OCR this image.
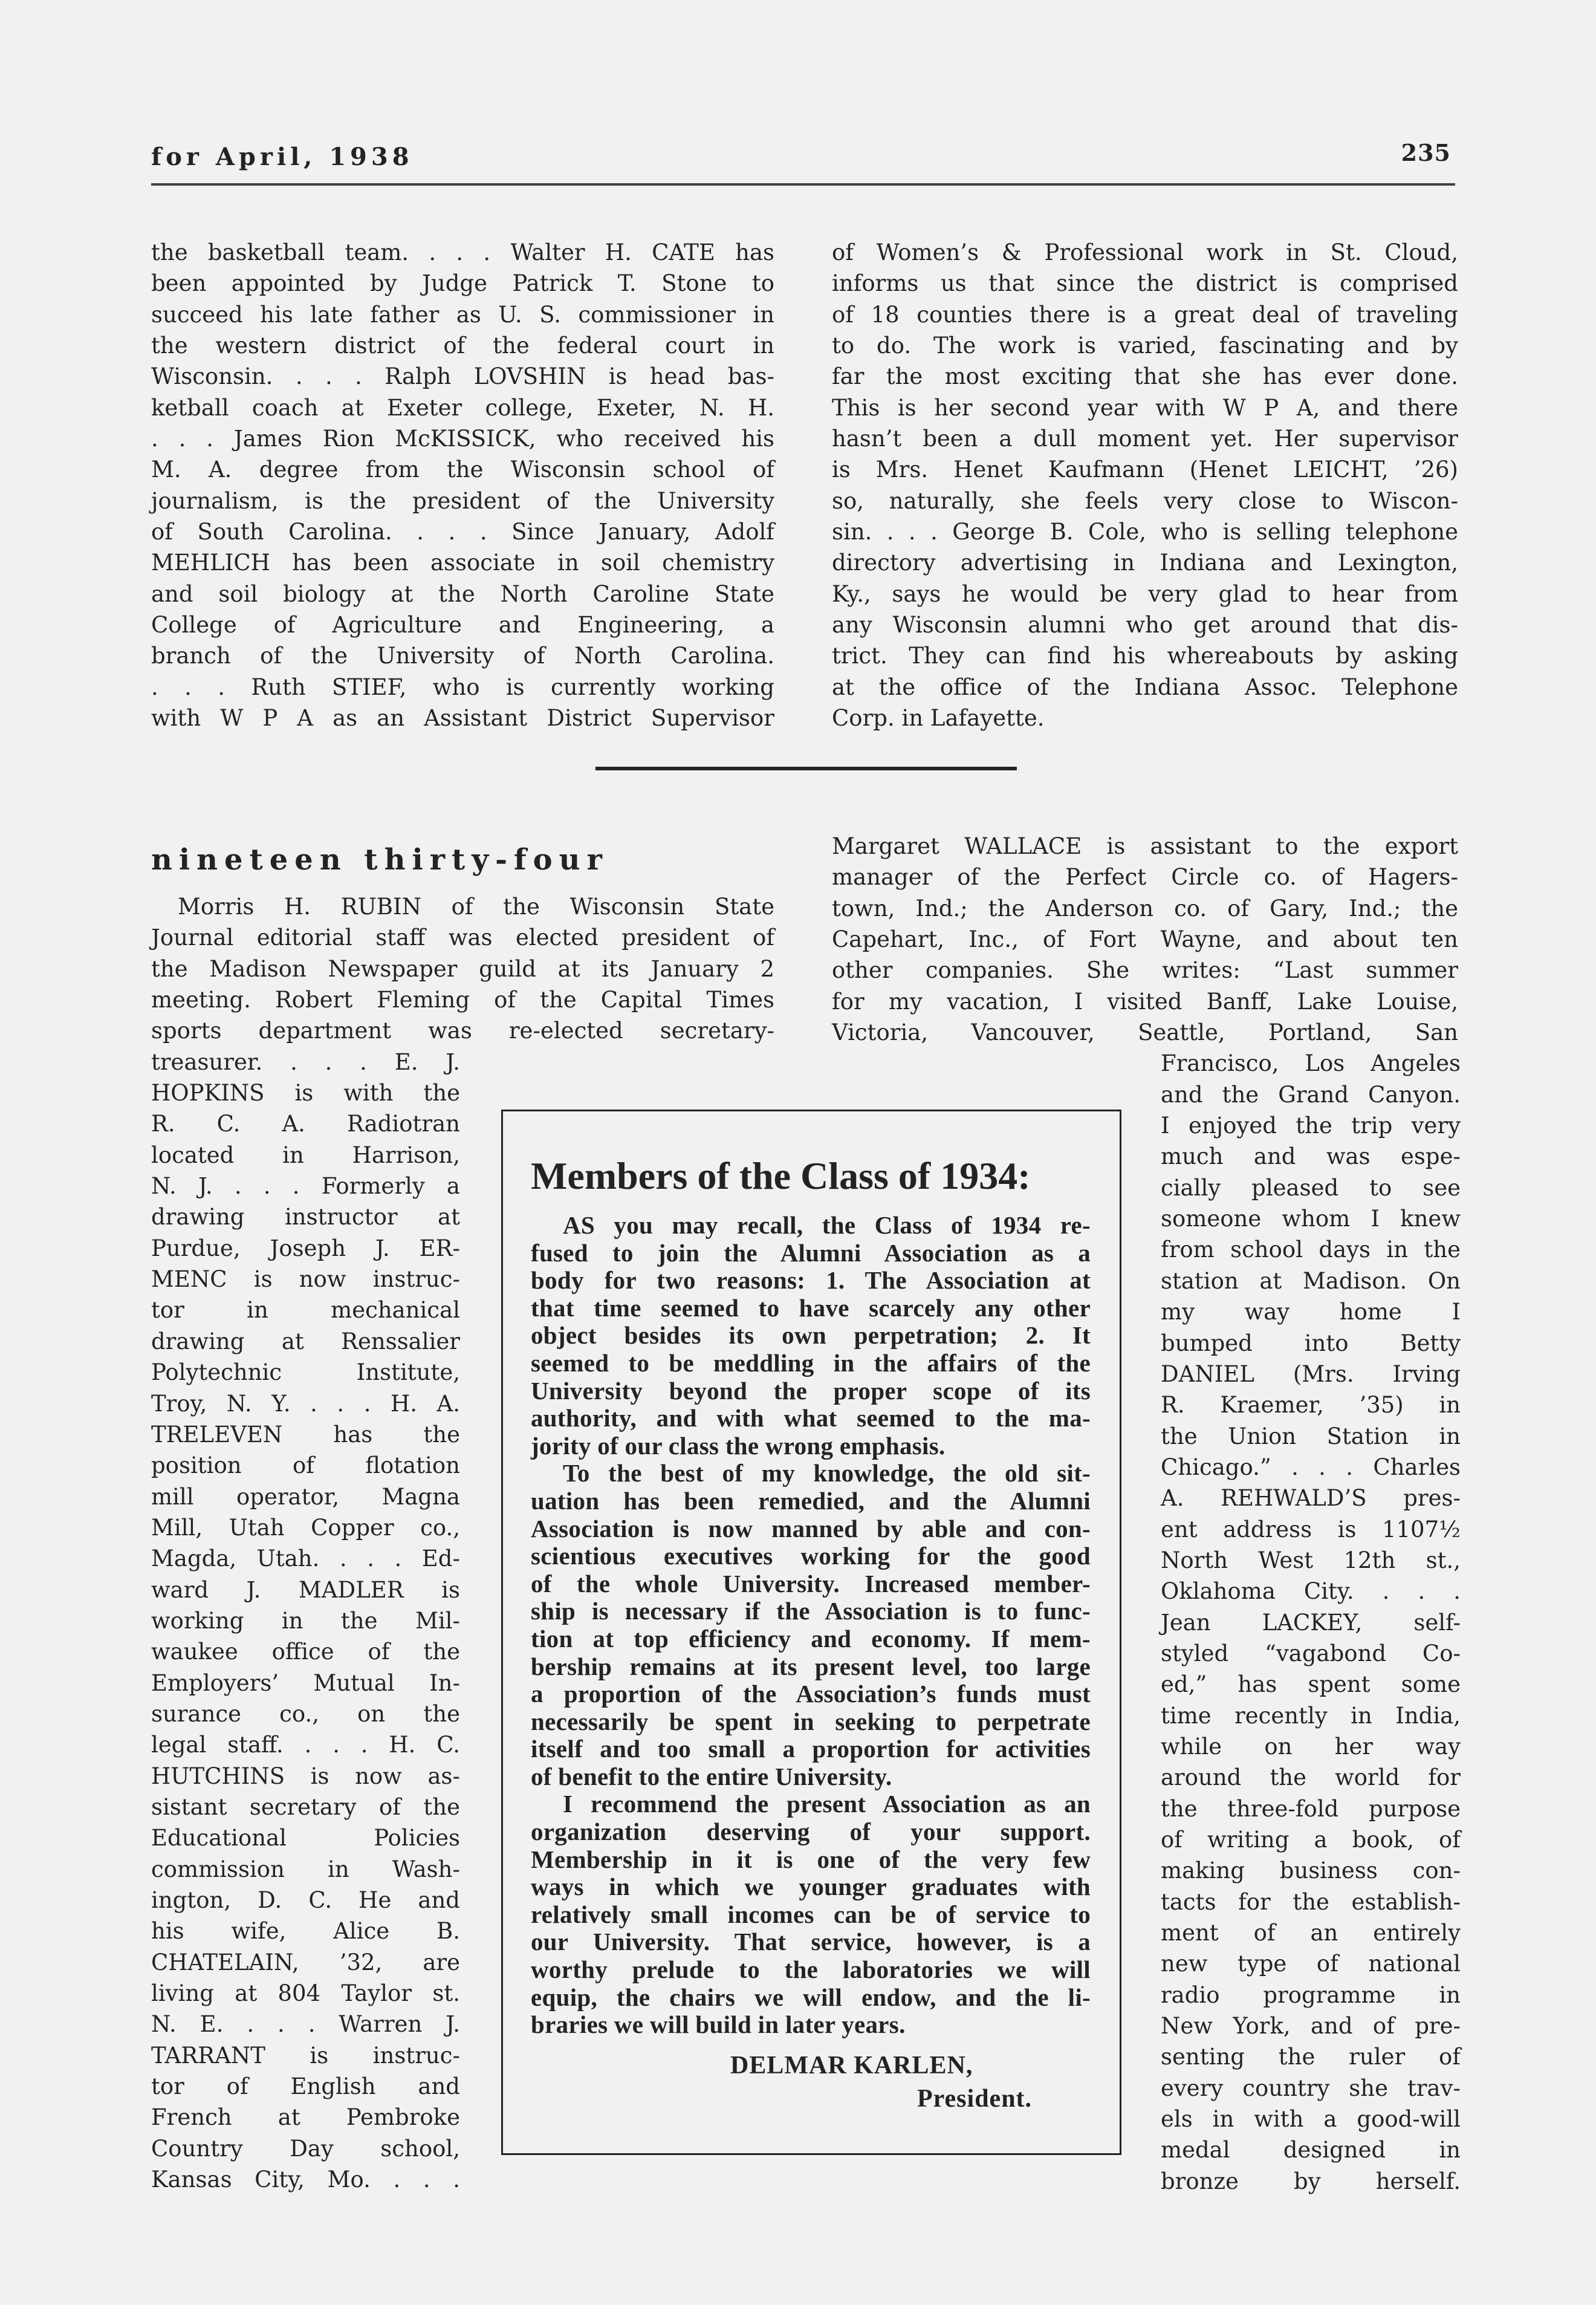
for April, 1938	235
the basketball team. . . . Walter H. CATE has
been appointed by Judge Patrick T. Stone to
succeed his late father as U. S. commissioner in
the western district of the federal court in
Wisconsin. . . . Ralph LOVSHIN is head bas-
ketball coach at Exeter college, Exeter, N. H.
. . . James Rion McKISSICK, who received his
M. A. degree from the Wisconsin school of
journalism, is the president of the University
of South Carolina. . . . Since January, Adolf
MEHLICH has been associate in soil chemistry
and soil biology at the North Caroline State
College of Agriculture and Engineering, a
branch of the University of North Carolina.
. . . Ruth STIEF, who is currently working
with W P A as an Assistant District Supervisor
of Women’s & Professional work in St. Cloud,
informs us that since the district is comprised
of 18 counties there is a great deal of traveling
to do. The work is varied, fascinating and by
far the most exciting that she has ever done.
This is her second year with W P A, and there
hasn’t been a dull moment yet. Her supervisor
is Mrs. Henet Kaufmann (Henet LEICHT, ’26)
so, naturally, she feels very close to Wiscon-
sin. . . . George B. Cole, who is selling telephone
directory advertising in Indiana and Lexington,
Ky., says he would be very glad to hear from
any Wisconsin alumni who get around that dis-
trict. They can find his whereabouts by asking
at the office of the Indiana Assoc. Telephone
Corp. in Lafayette.
nineteen thirty-four
Morris H. RUBIN of the Wisconsin State
Journal editorial staff was elected president of
the Madison Newspaper guild at its January 2
meeting. Robert Fleming of the Capital Times
sports department was re-elected secretary-
treasurer. . . . E. J.
HOPKINS is with the
R. C. A. Radiotran
located in Harrison,
N. J. . . . Formerly a
drawing instructor at
Purdue, Joseph J. ER-
MENC is now instruc-
tor in mechanical
drawing at Renssalier
Polytechnic Institute,
Troy, N. Y. . . . H. A.
TRELEVEN has the
position of flotation
mill operator, Magna
Mill, Utah Copper co.,
Magda, Utah. . . . Ed-
ward J. MADLER is
working in the Mil-
waukee office of the
Employers’ Mutual In-
surance co., on the
legal staff. . . . H. C.
HUTCHINS is now as-
sistant secretary of the
Educational Policies
commission in Wash-
ington, D. C. He and
his wife, Alice B.
CHATELAIN, ’32, are
living at 804 Taylor st.
N. E. . . . Warren J.
TARRANT is instruc-
tor of English and
French at Pembroke
Country Day school,
Kansas City, Mo. . . .
Margaret WALLACE is assistant to the export
manager of the Perfect Circle co. of Hagers-
town, Ind.; the Anderson co. of Gary, Ind.; the
Capehart, Inc., of Fort Wayne, and about ten
other companies. She writes: “Last summer
for my vacation, I visited Banff, Lake Louise,
Victoria, Vancouver, Seattle, Portland, San
Francisco, Los Angeles
and the Grand Canyon.
I enjoyed the trip very
much and was espe-
cially pleased to see
someone whom I knew
from school days in the
station at Madison. On
my way home I
bumped into Betty
DANIEL (Mrs. Irving
R. Kraemer, ’35) in
the Union Station in
Chicago.” . . . Charles
A. REHWALD’S pres-
ent address is 1107½
North West 12th st.,
Oklahoma City. . . .
Jean LACKEY, self-
styled “vagabond Co-
ed,” has spent some
time recently in India,
while on her way
around the world for
the three-fold purpose
of writing a book, of
making business con-
tacts for the establish-
ment of an entirely
new type of national
radio programme in
New York, and of pre-
senting the ruler of
every country she trav-
els in with a good-will
medal designed in
bronze by herself.
Members of the Class of 1934:
AS you may recall, the Class of 1934 re-
fused to join the Alumni Association as a
body for two reasons: 1. The Association at
that time seemed to have scarcely any other
object besides its own perpetration; 2. It
seemed to be meddling in the affairs of the
University beyond the proper scope of its
authority, and with what seemed to the ma-
jority of our class the wrong emphasis.
To the best of my knowledge, the old sit-
uation has been remedied, and the Alumni
Association is now manned by able and con-
scientious executives working for the good
of the whole University. Increased member-
ship is necessary if the Association is to func-
tion at top efficiency and economy. If mem-
bership remains at its present level, too large
a proportion of the Association’s funds must
necessarily be spent in seeking to perpetrate
itself and too small a proportion for activities
of benefit to the entire University.
I recommend the present Association as an
organization deserving of your support.
Membership in it is one of the very few
ways in which we younger graduates with
relatively small incomes can be of service to
our University. That service, however, is a
worthy prelude to the laboratories we will
equip, the chairs we will endow, and the li-
braries we will build in later years.
DELMAR KARLEN,
President.
